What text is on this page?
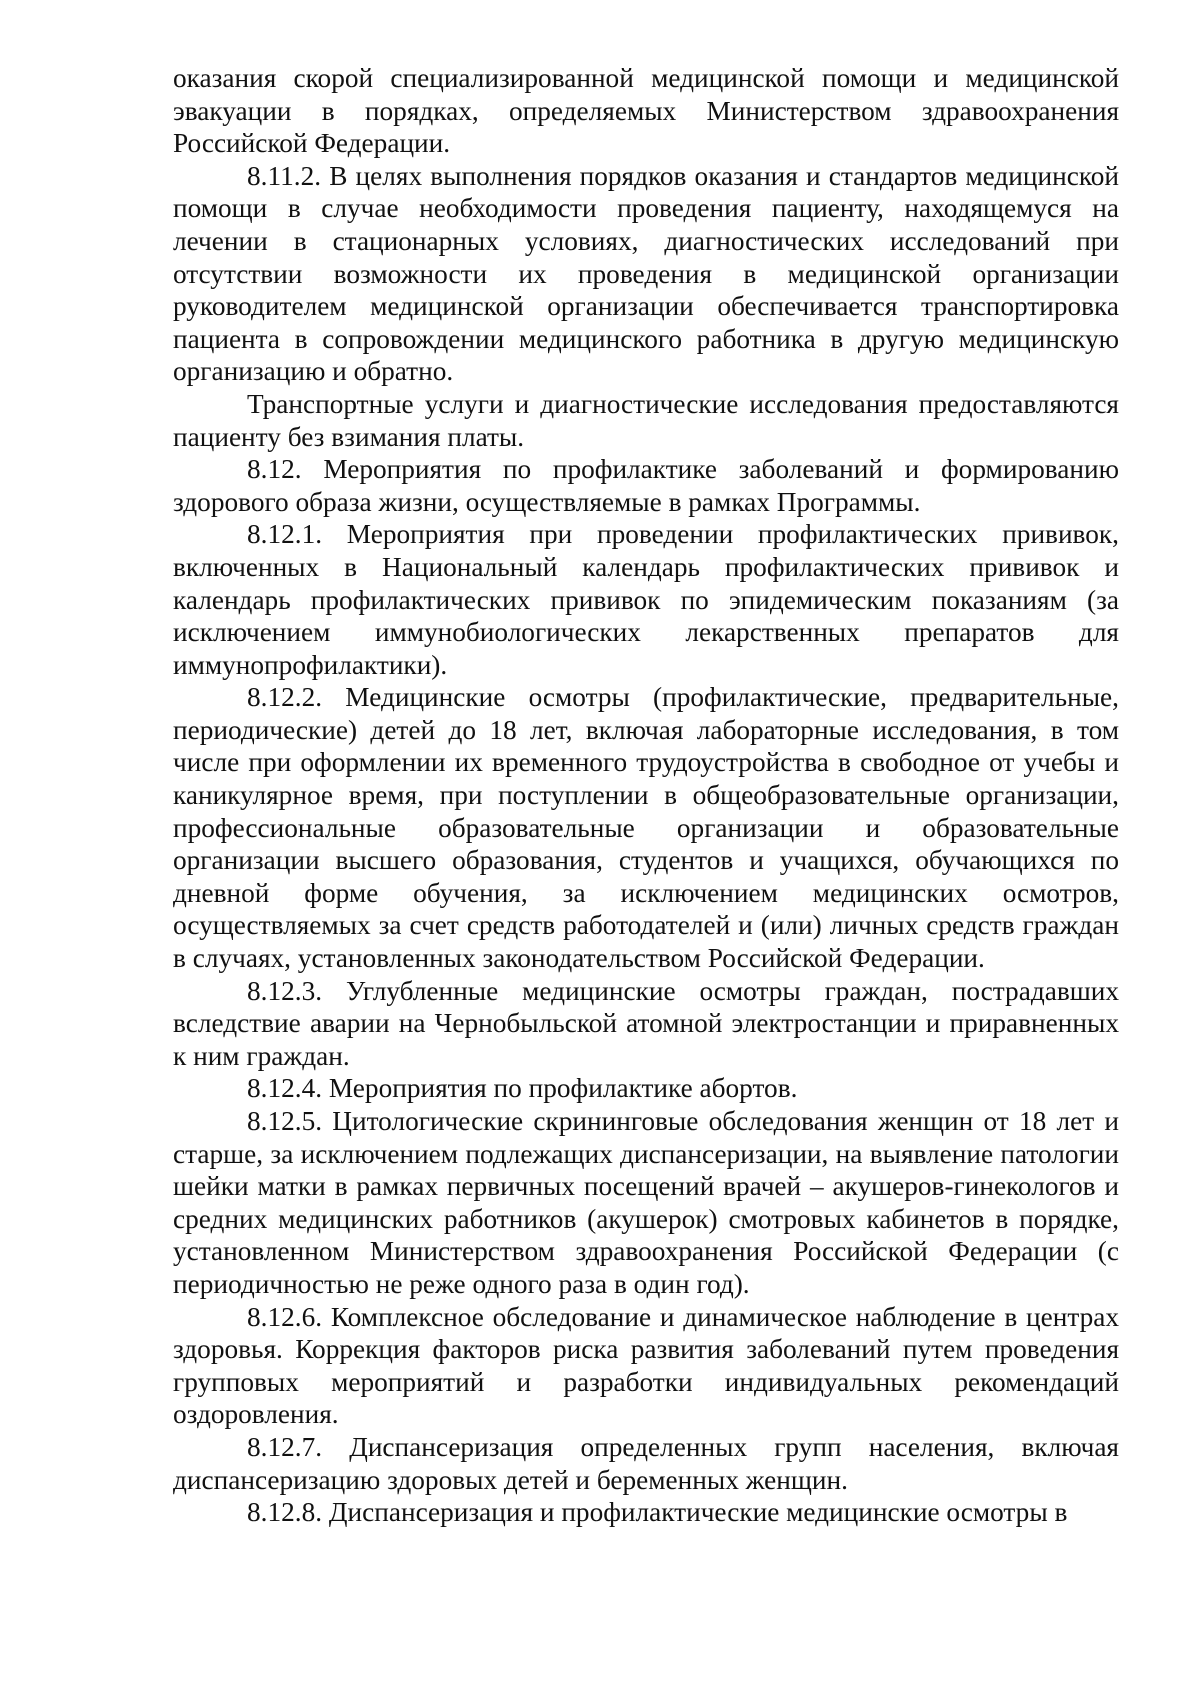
оказания скорой специализированной медицинской помощи и медицинской эвакуации в порядках, определяемых Министерством здравоохранения Российской Федерации.

8.11.2. В целях выполнения порядков оказания и стандартов медицинской помощи в случае необходимости проведения пациенту, находящемуся на лечении в стационарных условиях, диагностических исследований при отсутствии возможности их проведения в медицинской организации руководителем медицинской организации обеспечивается транспортировка пациента в сопровождении медицинского работника в другую медицинскую организацию и обратно.

Транспортные услуги и диагностические исследования предоставляются пациенту без взимания платы.

8.12. Мероприятия по профилактике заболеваний и формированию здорового образа жизни, осуществляемые в рамках Программы.

8.12.1. Мероприятия при проведении профилактических прививок, включенных в Национальный календарь профилактических прививок и календарь профилактических прививок по эпидемическим показаниям (за исключением иммунобиологических лекарственных препаратов для иммунопрофилактики).

8.12.2. Медицинские осмотры (профилактические, предварительные, периодические) детей до 18 лет, включая лабораторные исследования, в том числе при оформлении их временного трудоустройства в свободное от учебы и каникулярное время, при поступлении в общеобразовательные организации, профессиональные образовательные организации и образовательные организации высшего образования, студентов и учащихся, обучающихся по дневной форме обучения, за исключением медицинских осмотров, осуществляемых за счет средств работодателей и (или) личных средств граждан в случаях, установленных законодательством Российской Федерации.

8.12.3. Углубленные медицинские осмотры граждан, пострадавших вследствие аварии на Чернобыльской атомной электростанции и приравненных к ним граждан.

8.12.4. Мероприятия по профилактике абортов.

8.12.5. Цитологические скрининговые обследования женщин от 18 лет и старше, за исключением подлежащих диспансеризации, на выявление патологии шейки матки в рамках первичных посещений врачей – акушеров-гинекологов и средних медицинских работников (акушерок) смотровых кабинетов в порядке, установленном Министерством здравоохранения Российской Федерации (с периодичностью не реже одного раза в один год).

8.12.6. Комплексное обследование и динамическое наблюдение в центрах здоровья. Коррекция факторов риска развития заболеваний путем проведения групповых мероприятий и разработки индивидуальных рекомендаций оздоровления.

8.12.7. Диспансеризация определенных групп населения, включая диспансеризацию здоровых детей и беременных женщин.

8.12.8. Диспансеризация и профилактические медицинские осмотры в
